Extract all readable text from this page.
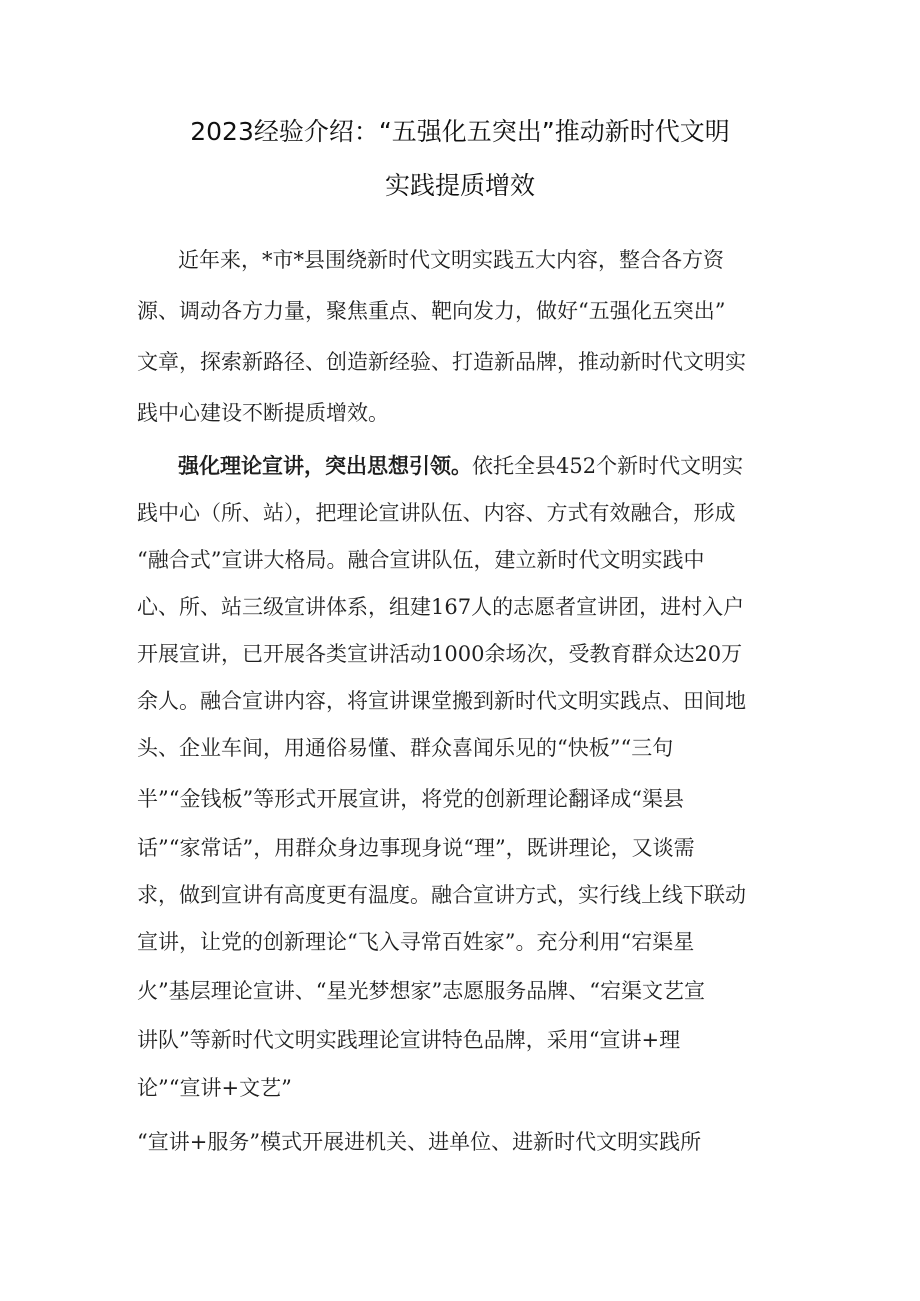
2023经验介绍：“五强化五突出”推动新时代文明
实践提质增效
近年来，*市*县围绕新时代文明实践五大内容，整合各方资
源、调动各方力量，聚焦重点、靶向发力，做好“五强化五突出”
文章，探索新路径、创造新经验、打造新品牌，推动新时代文明实
践中心建设不断提质增效。
强化理论宣讲，突出思想引领。依托全县452个新时代文明实
践中心（所、站），把理论宣讲队伍、内容、方式有效融合，形成
“融合式”宣讲大格局。融合宣讲队伍，建立新时代文明实践中
心、所、站三级宣讲体系，组建167人的志愿者宣讲团，进村入户
开展宣讲，已开展各类宣讲活动1000余场次，受教育群众达20万
余人。融合宣讲内容，将宣讲课堂搬到新时代文明实践点、田间地
头、企业车间，用通俗易懂、群众喜闻乐见的“快板”“三句
半”“金钱板”等形式开展宣讲，将党的创新理论翻译成“渠县
话”“家常话”，用群众身边事现身说“理”，既讲理论，又谈需
求，做到宣讲有高度更有温度。融合宣讲方式，实行线上线下联动
宣讲，让党的创新理论“飞入寻常百姓家”。充分利用“宕渠星
火”基层理论宣讲、“星光梦想家”志愿服务品牌、“宕渠文艺宣
讲队”等新时代文明实践理论宣讲特色品牌，采用“宣讲+理
论”“宣讲+文艺”
“宣讲+服务”模式开展进机关、进单位、进新时代文明实践所
